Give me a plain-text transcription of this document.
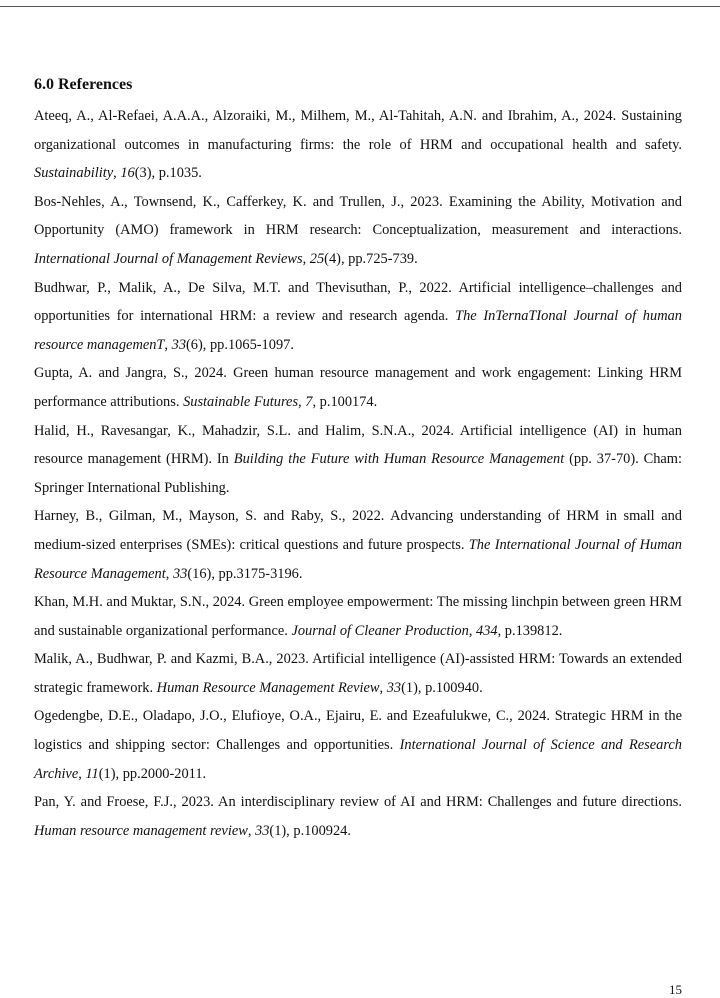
6.0 References

Ateeq, A., Al-Refaei, A.A.A., Alzoraiki, M., Milhem, M., Al-Tahitah, A.N. and Ibrahim, A., 2024. Sustaining organizational outcomes in manufacturing firms: the role of HRM and occupational health and safety. Sustainability, 16(3), p.1035.

Bos-Nehles, A., Townsend, K., Cafferkey, K. and Trullen, J., 2023. Examining the Ability, Motivation and Opportunity (AMO) framework in HRM research: Conceptualization, measurement and interactions. International Journal of Management Reviews, 25(4), pp.725-739.

Budhwar, P., Malik, A., De Silva, M.T. and Thevisuthan, P., 2022. Artificial intelligence–challenges and opportunities for international HRM: a review and research agenda. The InTernaTIonal Journal of human resource managemenT, 33(6), pp.1065-1097.

Gupta, A. and Jangra, S., 2024. Green human resource management and work engagement: Linking HRM performance attributions. Sustainable Futures, 7, p.100174.

Halid, H., Ravesangar, K., Mahadzir, S.L. and Halim, S.N.A., 2024. Artificial intelligence (AI) in human resource management (HRM). In Building the Future with Human Resource Management (pp. 37-70). Cham: Springer International Publishing.

Harney, B., Gilman, M., Mayson, S. and Raby, S., 2022. Advancing understanding of HRM in small and medium-sized enterprises (SMEs): critical questions and future prospects. The International Journal of Human Resource Management, 33(16), pp.3175-3196.

Khan, M.H. and Muktar, S.N., 2024. Green employee empowerment: The missing linchpin between green HRM and sustainable organizational performance. Journal of Cleaner Production, 434, p.139812.

Malik, A., Budhwar, P. and Kazmi, B.A., 2023. Artificial intelligence (AI)-assisted HRM: Towards an extended strategic framework. Human Resource Management Review, 33(1), p.100940.

Ogedengbe, D.E., Oladapo, J.O., Elufioye, O.A., Ejairu, E. and Ezeafulukwe, C., 2024. Strategic HRM in the logistics and shipping sector: Challenges and opportunities. International Journal of Science and Research Archive, 11(1), pp.2000-2011.

Pan, Y. and Froese, F.J., 2023. An interdisciplinary review of AI and HRM: Challenges and future directions. Human resource management review, 33(1), p.100924.

15
